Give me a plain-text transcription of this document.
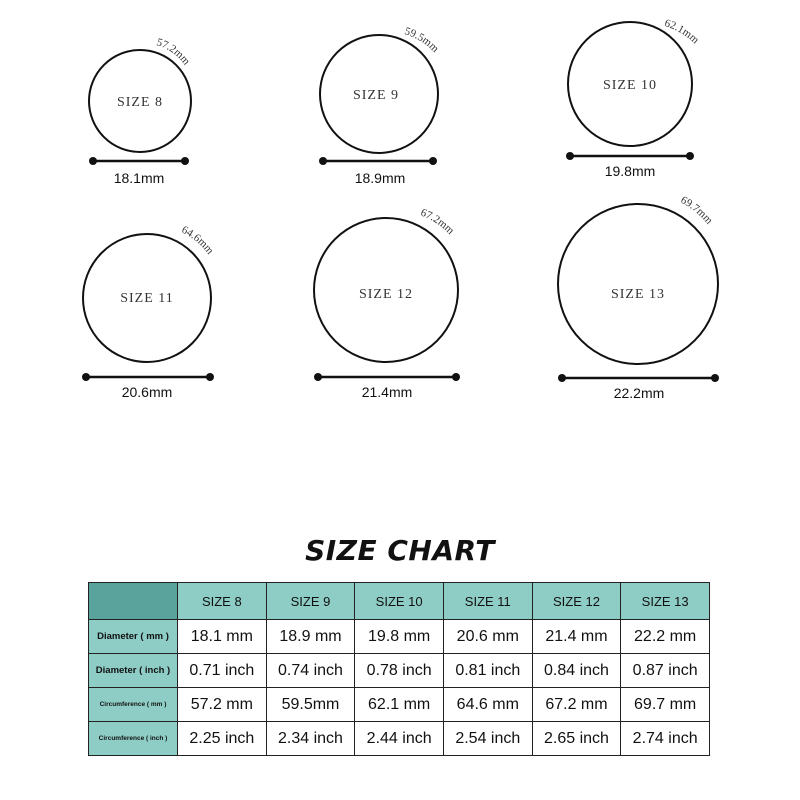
SIZE 8
57.2mm
18.1mm
SIZE 9
59.5mm
18.9mm
SIZE 10
62.1mm
19.8mm
SIZE 11
64.6mm
20.6mm
SIZE 12
67.2mm
21.4mm
SIZE 13
69.7mm
22.2mm
SIZE CHART
	SIZE 8	SIZE 9	SIZE 10	SIZE 11	SIZE 12	SIZE 13
Diameter ( mm )	18.1 mm	18.9 mm	19.8 mm	20.6 mm	21.4 mm	22.2 mm
Diameter ( inch )	0.71 inch	0.74 inch	0.78 inch	0.81 inch	0.84 inch	0.87 inch
Circumference ( mm )	57.2 mm	59.5mm	62.1 mm	64.6 mm	67.2 mm	69.7 mm
Circumference ( inch )	2.25 inch	2.34 inch	2.44 inch	2.54 inch	2.65 inch	2.74 inch
